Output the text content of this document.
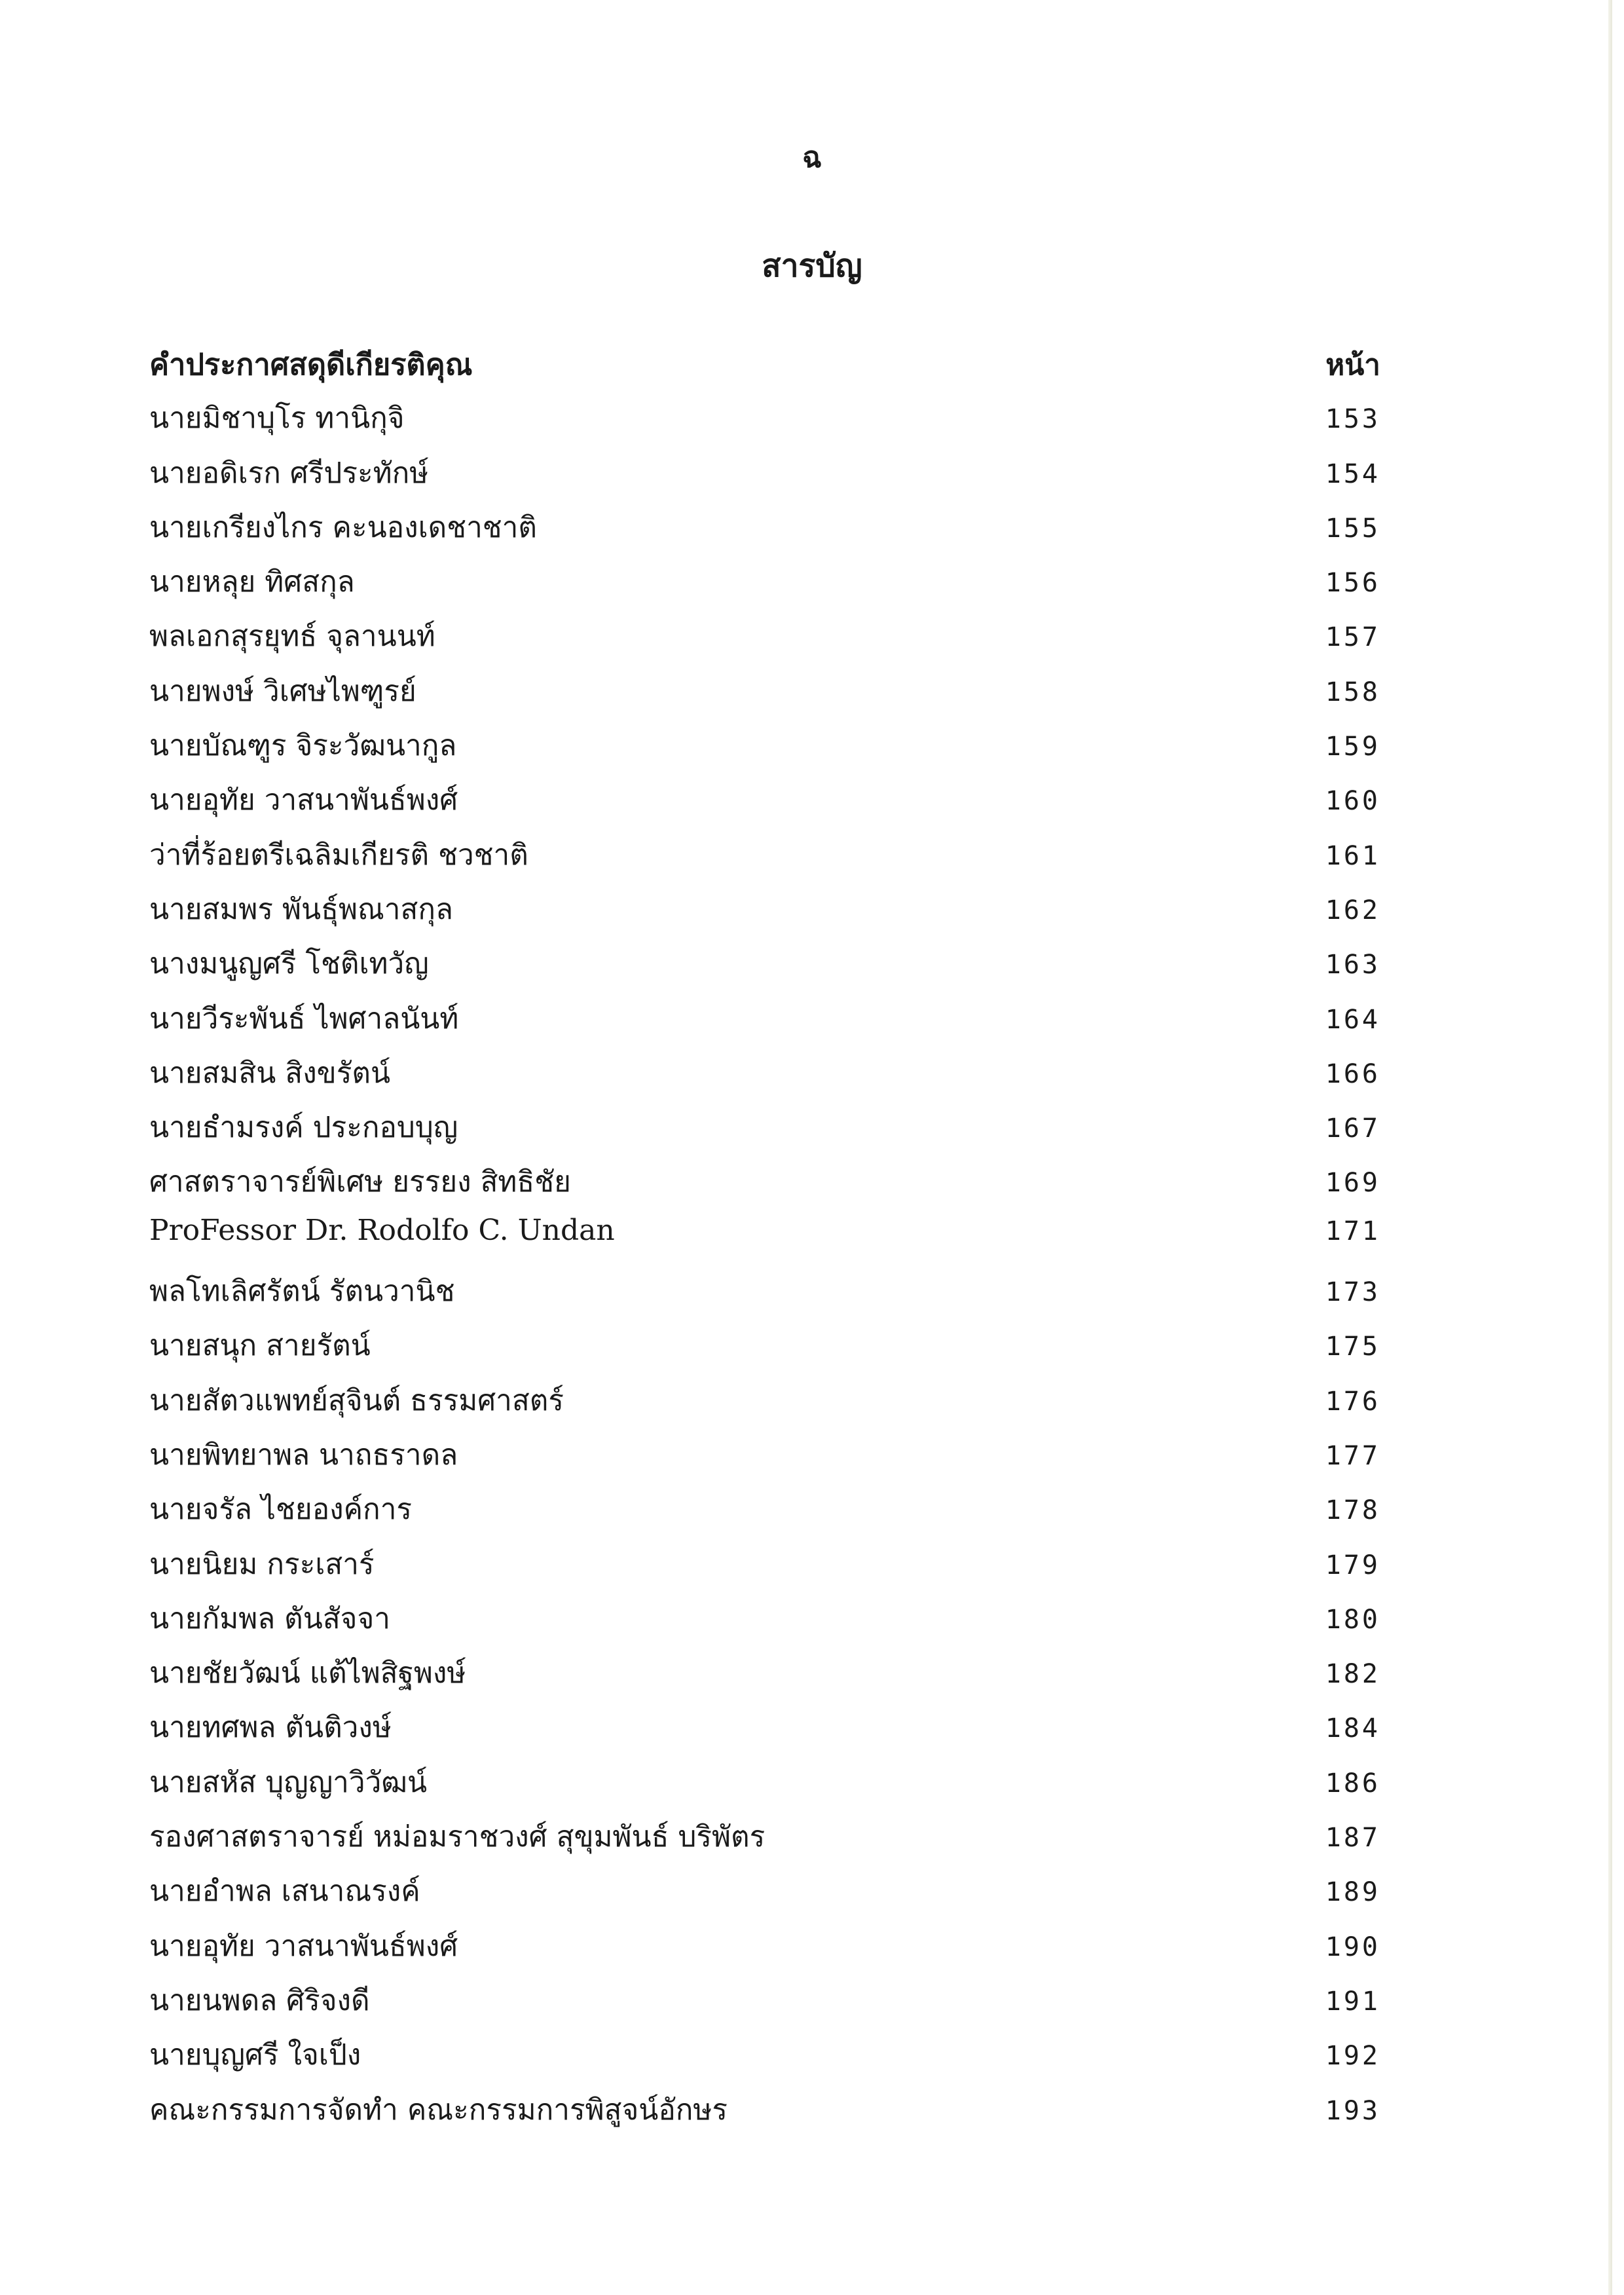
ฉ
สารบัญ
คำประกาศสดุดีเกียรติคุณ	หน้า
นายมิชาบุโร ทานิกุจิ	153
นายอดิเรก ศรีประทักษ์	154
นายเกรียงไกร คะนองเดชาชาติ	155
นายหลุย ทิศสกุล	156
พลเอกสุรยุทธ์ จุลานนท์	157
นายพงษ์ วิเศษไพฑูรย์	158
นายบัณฑูร จิระวัฒนากูล	159
นายอุทัย วาสนาพันธ์พงศ์	160
ว่าที่ร้อยตรีเฉลิมเกียรติ ชวชาติ	161
นายสมพร พันธุ์พณาสกุล	162
นางมนูญศรี โชติเทวัญ	163
นายวีระพันธ์ ไพศาลนันท์	164
นายสมสิน สิงขรัตน์	166
นายธำมรงค์ ประกอบบุญ	167
ศาสตราจารย์พิเศษ ยรรยง สิทธิชัย	169
ProFessor Dr. Rodolfo C. Undan	171
พลโทเลิศรัตน์ รัตนวานิช	173
นายสนุก สายรัตน์	175
นายสัตวแพทย์สุจินต์ ธรรมศาสตร์	176
นายพิทยาพล นาถธราดล	177
นายจรัล ไชยองค์การ	178
นายนิยม กระเสาร์	179
นายกัมพล ตันสัจจา	180
นายชัยวัฒน์ แต้ไพสิฐพงษ์	182
นายทศพล ตันติวงษ์	184
นายสหัส บุญญาวิวัฒน์	186
รองศาสตราจารย์ หม่อมราชวงศ์ สุขุมพันธ์ บริพัตร	187
นายอำพล เสนาณรงค์	189
นายอุทัย วาสนาพันธ์พงศ์	190
นายนพดล ศิริจงดี	191
นายบุญศรี ใจเป็ง	192
คณะกรรมการจัดทำ คณะกรรมการพิสูจน์อักษร	193
